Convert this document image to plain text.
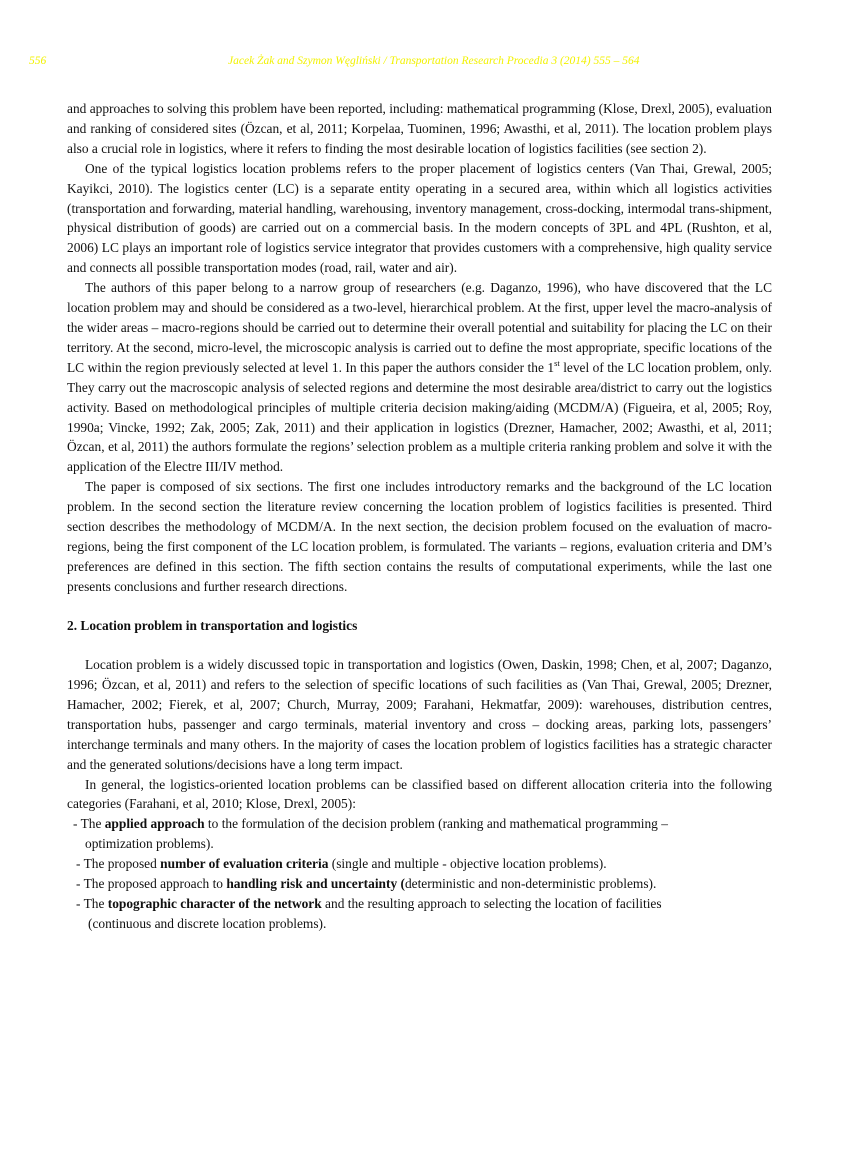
556	Jacek Żak and Szymon Węgliński / Transportation Research Procedia 3 (2014) 555 – 564

and approaches to solving this problem have been reported, including: mathematical programming (Klose, Drexl, 2005), evaluation and ranking of considered sites (Özcan, et al, 2011; Korpelaa, Tuominen, 1996; Awasthi, et al, 2011). The location problem plays also a crucial role in logistics, where it refers to finding the most desirable location of logistics facilities (see section 2).

One of the typical logistics location problems refers to the proper placement of logistics centers (Van Thai, Grewal, 2005; Kayikci, 2010). The logistics center (LC) is a separate entity operating in a secured area, within which all logistics activities (transportation and forwarding, material handling, warehousing, inventory management, cross-docking, intermodal trans-shipment, physical distribution of goods) are carried out on a commercial basis. In the modern concepts of 3PL and 4PL (Rushton, et al, 2006) LC plays an important role of logistics service integrator that provides customers with a comprehensive, high quality service and connects all possible transportation modes (road, rail, water and air).

The authors of this paper belong to a narrow group of researchers (e.g. Daganzo, 1996), who have discovered that the LC location problem may and should be considered as a two-level, hierarchical problem. At the first, upper level the macro-analysis of the wider areas – macro-regions should be carried out to determine their overall potential and suitability for placing the LC on their territory. At the second, micro-level, the microscopic analysis is carried out to define the most appropriate, specific locations of the LC within the region previously selected at level 1. In this paper the authors consider the 1st level of the LC location problem, only. They carry out the macroscopic analysis of selected regions and determine the most desirable area/district to carry out the logistics activity. Based on methodological principles of multiple criteria decision making/aiding (MCDM/A) (Figueira, et al, 2005; Roy, 1990a; Vincke, 1992; Zak, 2005; Zak, 2011) and their application in logistics (Drezner, Hamacher, 2002; Awasthi, et al, 2011; Özcan, et al, 2011) the authors formulate the regions’ selection problem as a multiple criteria ranking problem and solve it with the application of the Electre III/IV method.

The paper is composed of six sections. The first one includes introductory remarks and the background of the LC location problem. In the second section the literature review concerning the location problem of logistics facilities is presented. Third section describes the methodology of MCDM/A. In the next section, the decision problem focused on the evaluation of macro-regions, being the first component of the LC location problem, is formulated. The variants – regions, evaluation criteria and DM’s preferences are defined in this section. The fifth section contains the results of computational experiments, while the last one presents conclusions and further research directions.

2. Location problem in transportation and logistics

Location problem is a widely discussed topic in transportation and logistics (Owen, Daskin, 1998; Chen, et al, 2007; Daganzo, 1996; Özcan, et al, 2011) and refers to the selection of specific locations of such facilities as (Van Thai, Grewal, 2005; Drezner, Hamacher, 2002; Fierek, et al, 2007; Church, Murray, 2009; Farahani, Hekmatfar, 2009): warehouses, distribution centres, transportation hubs, passenger and cargo terminals, material inventory and cross – docking areas, parking lots, passengers’ interchange terminals and many others. In the majority of cases the location problem of logistics facilities has a strategic character and the generated solutions/decisions have a long term impact.

In general, the logistics-oriented location problems can be classified based on different allocation criteria into the following categories (Farahani, et al, 2010; Klose, Drexl, 2005):

- The applied approach to the formulation of the decision problem (ranking and mathematical programming –
optimization problems).
- The proposed number of evaluation criteria (single and multiple - objective location problems).
- The proposed approach to handling risk and uncertainty (deterministic and non-deterministic problems).
- The topographic character of the network and the resulting approach to selecting the location of facilities
(continuous and discrete location problems).
